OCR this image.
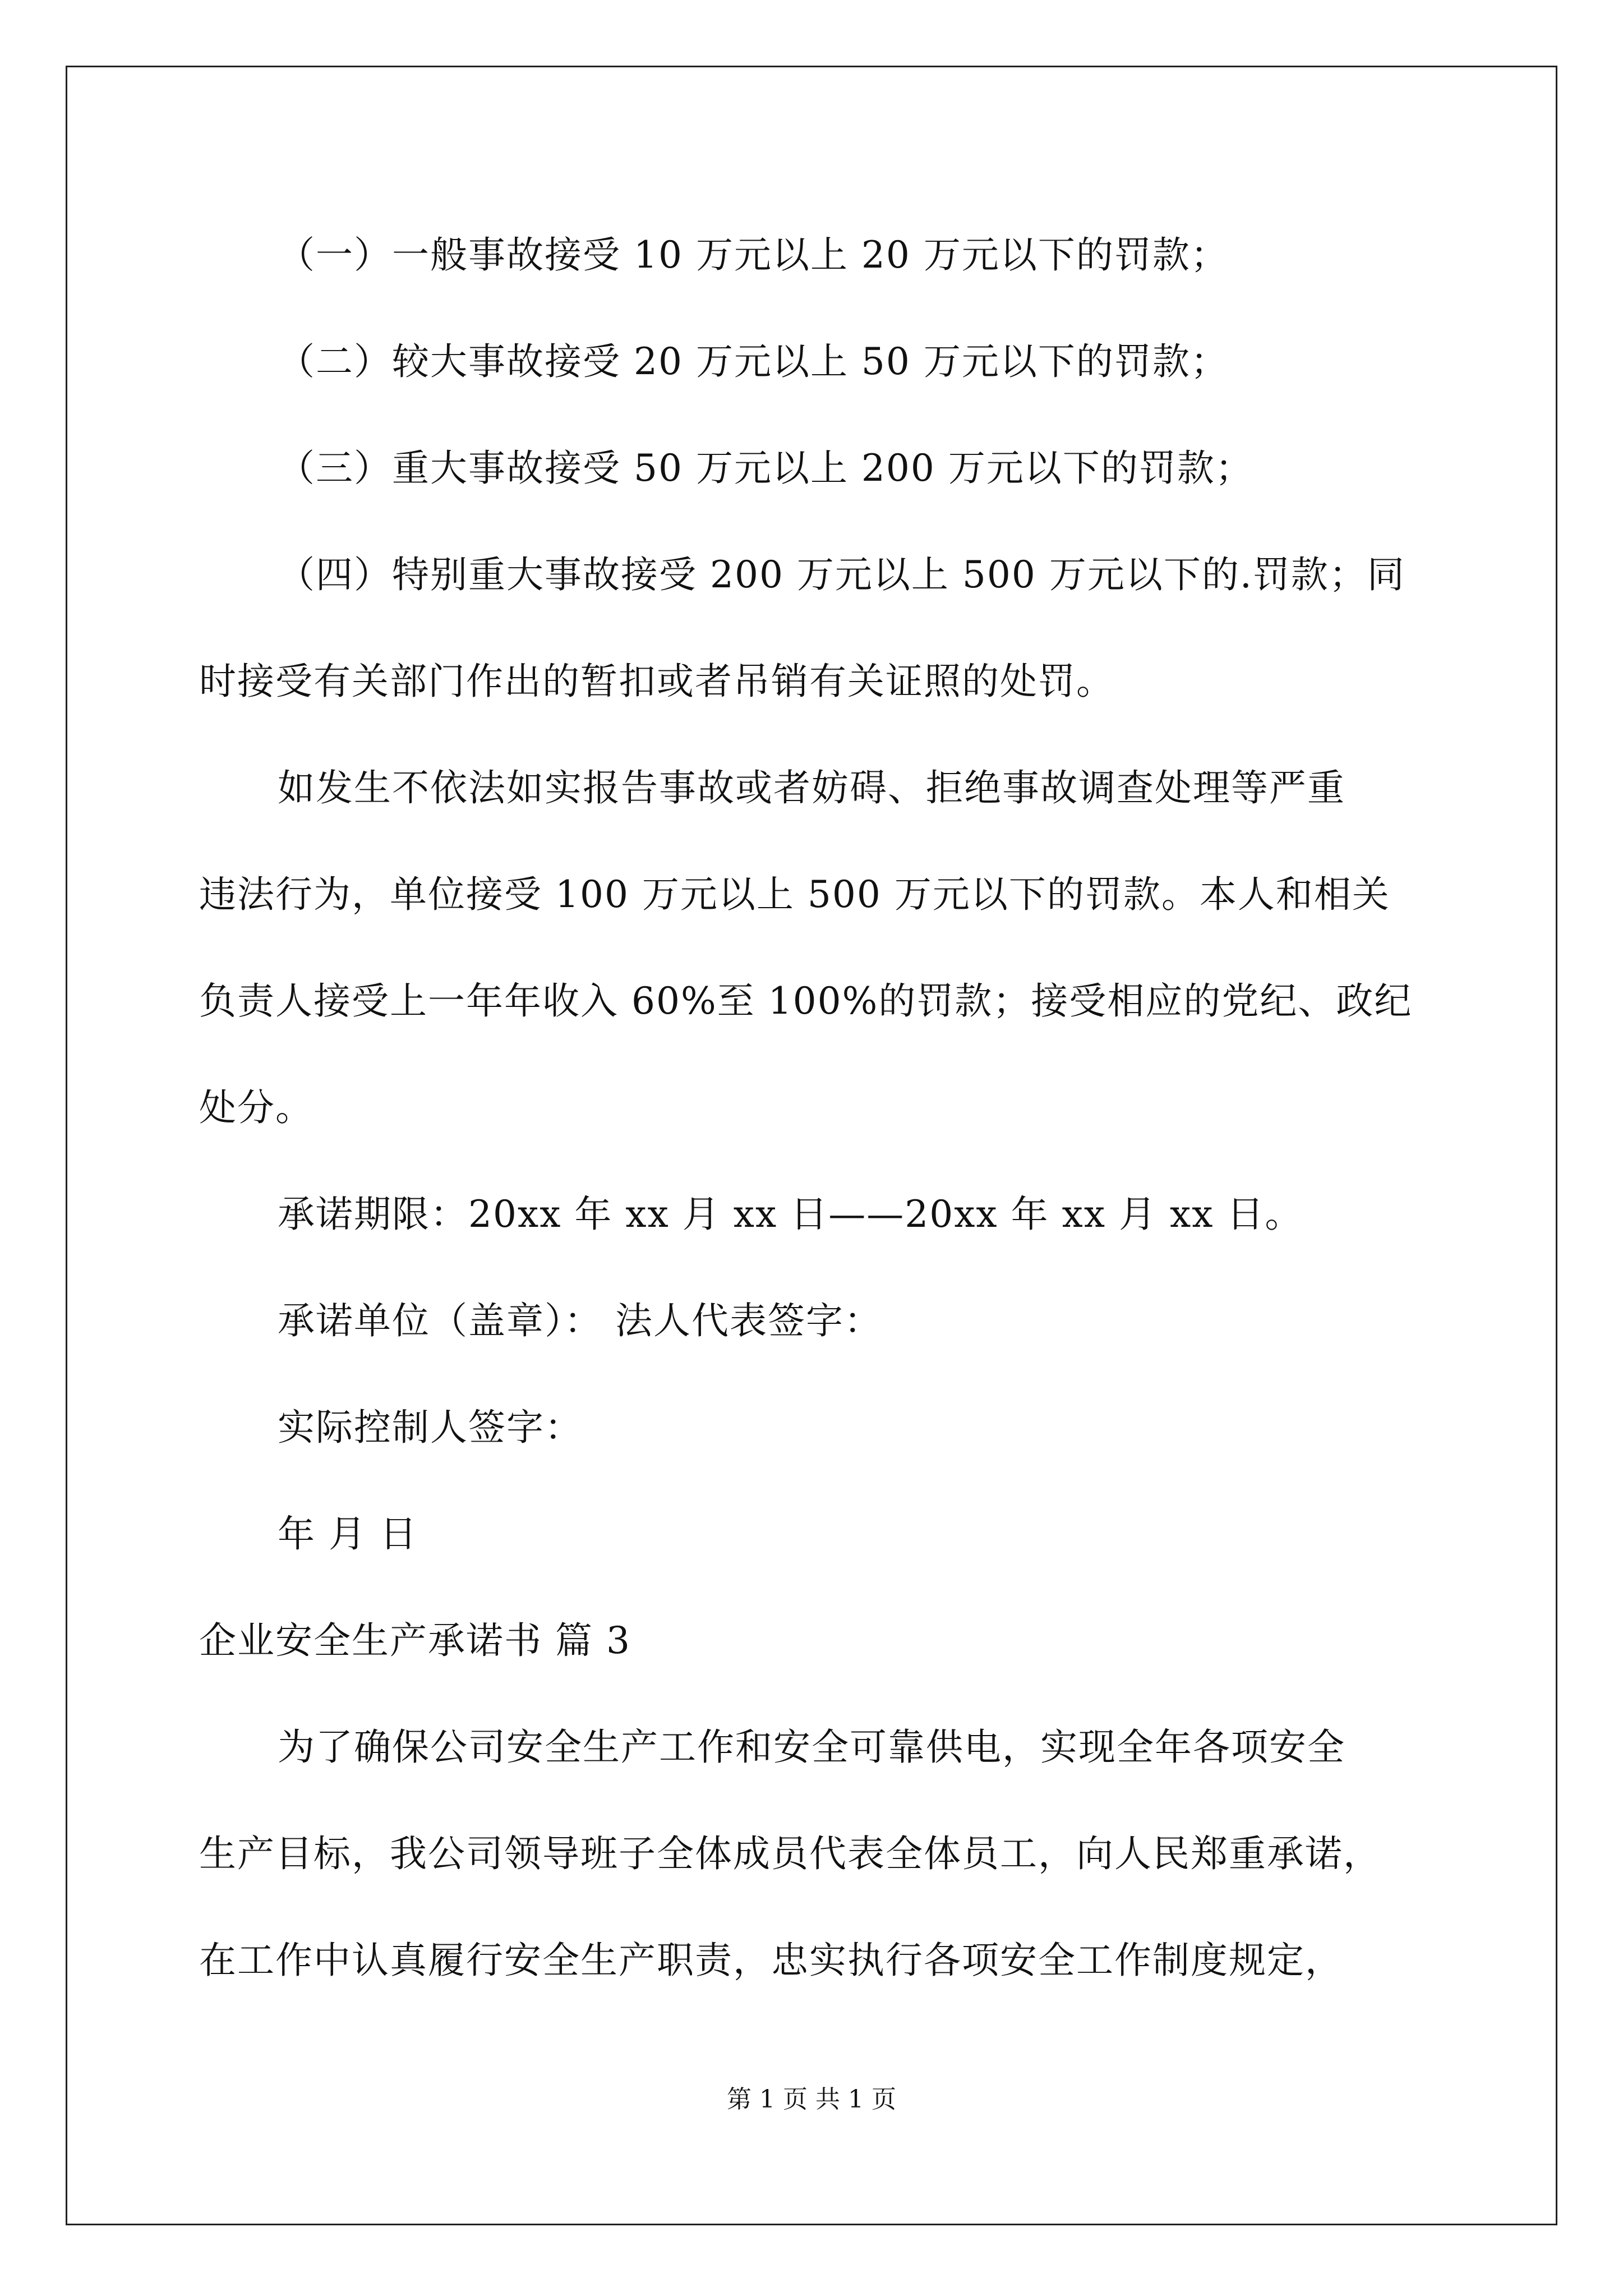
（一）一般事故接受 10 万元以上 20 万元以下的罚款；
（二）较大事故接受 20 万元以上 50 万元以下的罚款；
（三）重大事故接受 50 万元以上 200 万元以下的罚款；
（四）特别重大事故接受 200 万元以上 500 万元以下的.罚款；同
时接受有关部门作出的暂扣或者吊销有关证照的处罚。
如发生不依法如实报告事故或者妨碍、拒绝事故调查处理等严重
违法行为，单位接受 100 万元以上 500 万元以下的罚款。本人和相关
负责人接受上一年年收入 60%至 100%的罚款；接受相应的党纪、政纪
处分。
承诺期限：20xx 年 xx 月 xx 日——20xx 年 xx 月 xx 日。
承诺单位（盖章）： 法人代表签字：
实际控制人签字：
年 月 日
企业安全生产承诺书 篇 3
为了确保公司安全生产工作和安全可靠供电，实现全年各项安全
生产目标，我公司领导班子全体成员代表全体员工，向人民郑重承诺，
在工作中认真履行安全生产职责，忠实执行各项安全工作制度规定，
第 1 页 共 1 页
